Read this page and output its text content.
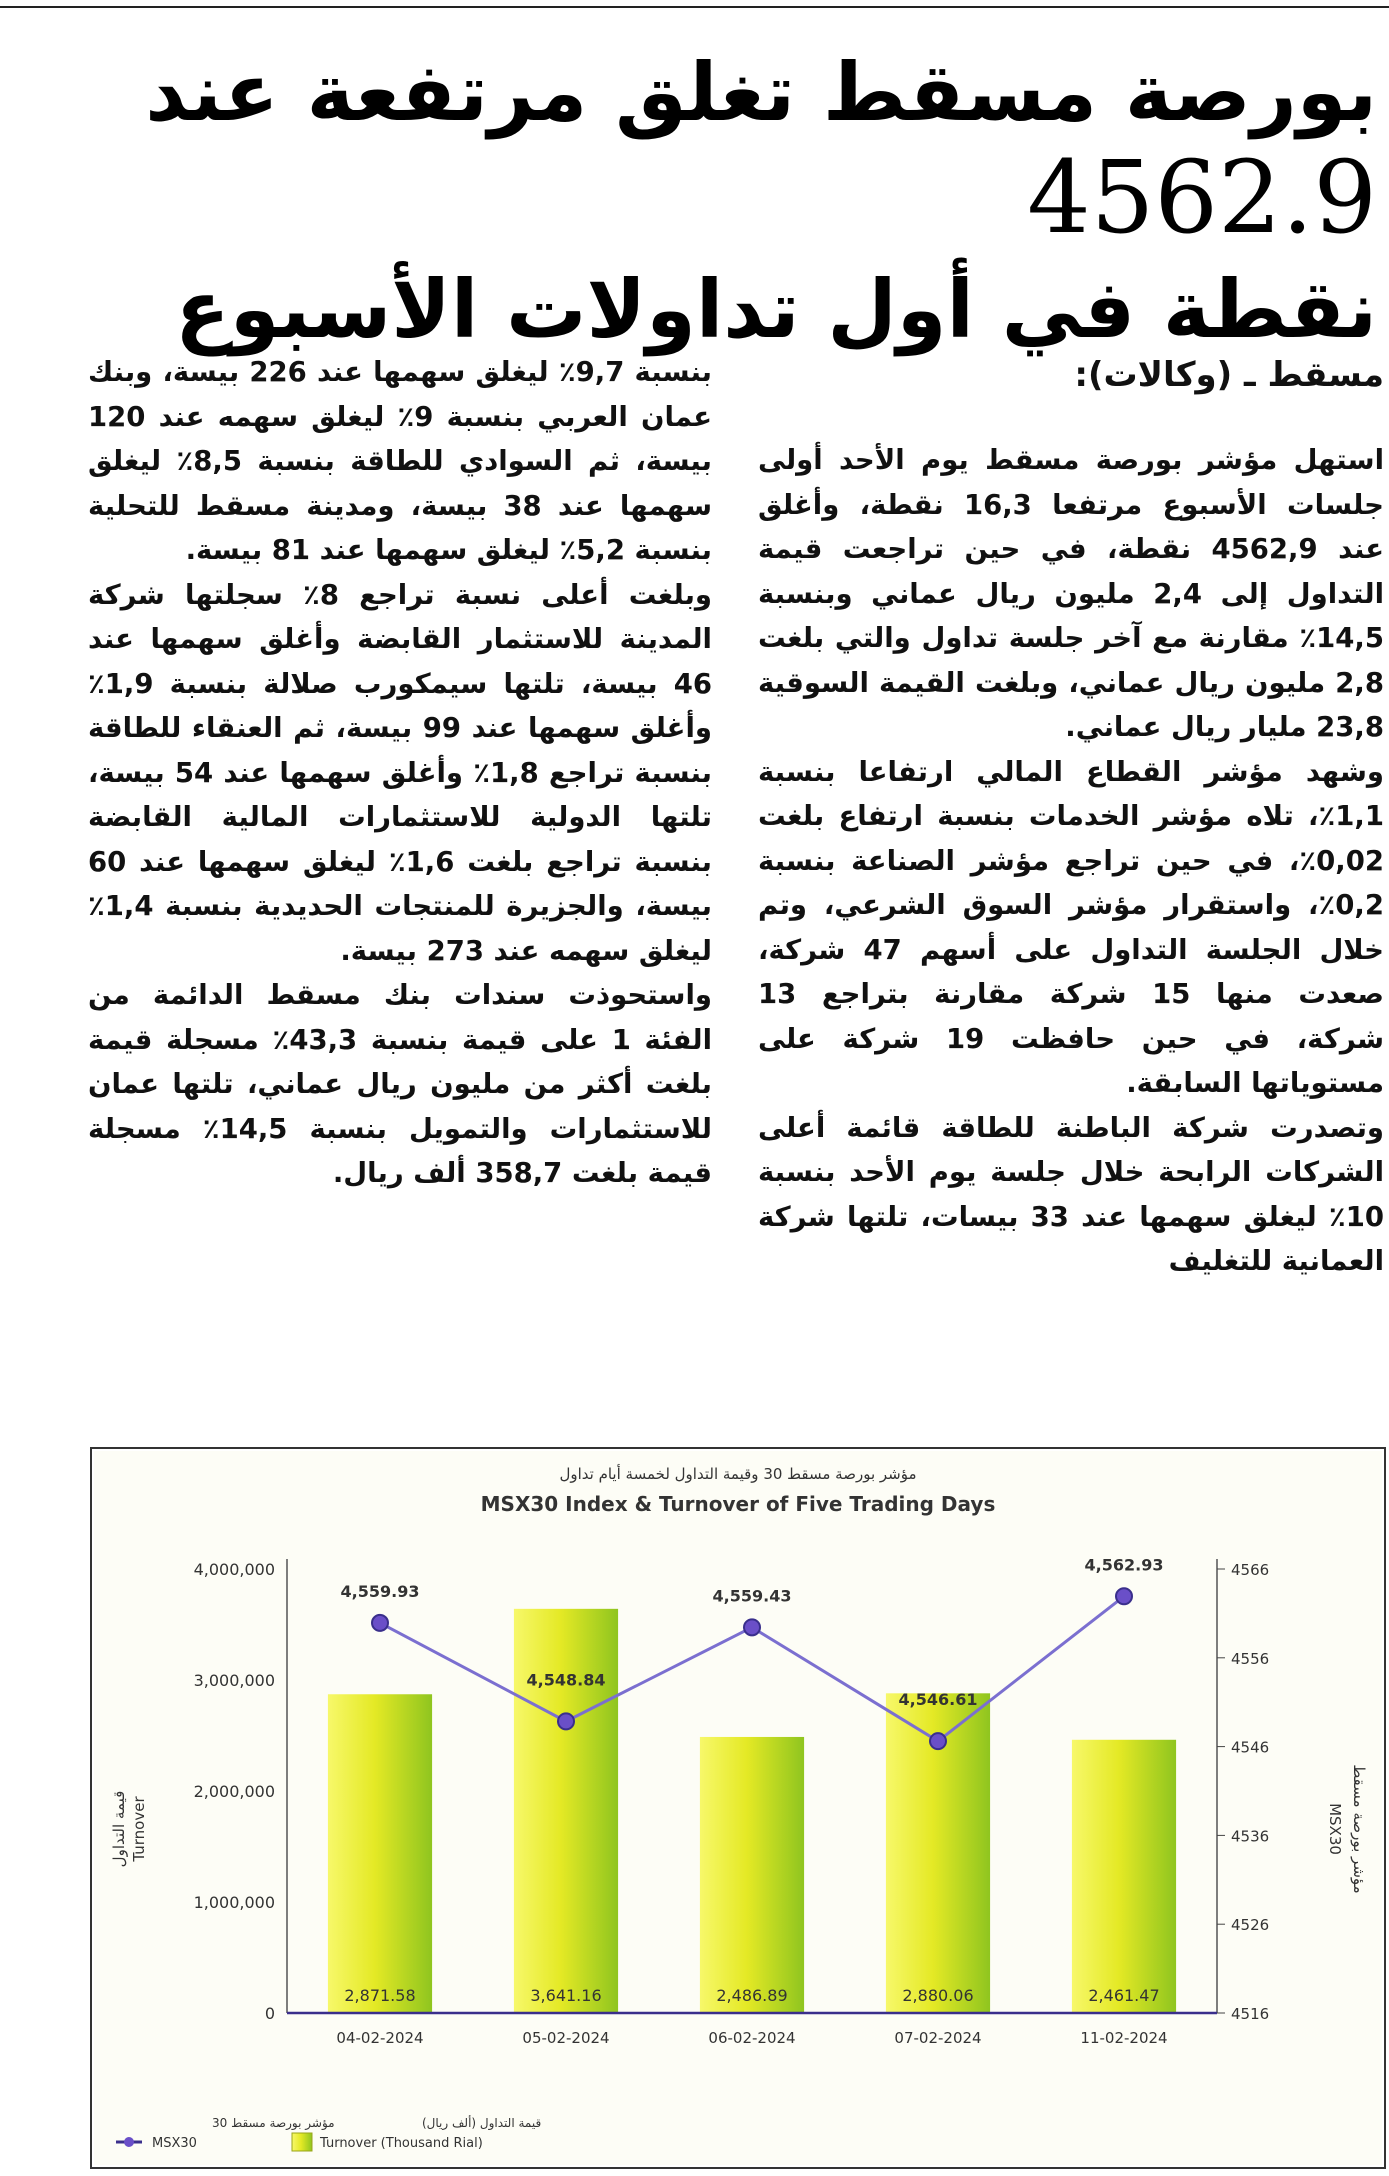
بورصة مسقط تغلق مرتفعة عند 4562.9
نقطة في أول تداولات الأسبوع

مسقط ـ (وكالات):

استهل مؤشر بورصة مسقط يوم الأحد أولى جلسات الأسبوع مرتفعا 16,3 نقطة، وأغلق عند 4562,9 نقطة، في حين تراجعت قيمة التداول إلى 2,4 مليون ريال عماني وبنسبة 14,5٪ مقارنة مع آخر جلسة تداول والتي بلغت 2,8 مليون ريال عماني، وبلغت القيمة السوقية 23,8 مليار ريال عماني.

وشهد مؤشر القطاع المالي ارتفاعا بنسبة 1,1٪، تلاه مؤشر الخدمات بنسبة ارتفاع بلغت 0,02٪، في حين تراجع مؤشر الصناعة بنسبة 0,2٪، واستقرار مؤشر السوق الشرعي، وتم خلال الجلسة التداول على أسهم 47 شركة، صعدت منها 15 شركة مقارنة بتراجع 13 شركة، في حين حافظت 19 شركة على مستوياتها السابقة.

وتصدرت شركة الباطنة للطاقة قائمة أعلى الشركات الرابحة خلال جلسة يوم الأحد بنسبة 10٪ ليغلق سهمها عند 33 بيسات، تلتها شركة العمانية للتغليف

بنسبة 9,7٪ ليغلق سهمها عند 226 بيسة، وبنك عمان العربي بنسبة 9٪ ليغلق سهمه عند 120 بيسة، ثم السوادي للطاقة بنسبة 8,5٪ ليغلق سهمها عند 38 بيسة، ومدينة مسقط للتحلية بنسبة 5,2٪ ليغلق سهمها عند 81 بيسة.

وبلغت أعلى نسبة تراجع 8٪ سجلتها شركة المدينة للاستثمار القابضة وأغلق سهمها عند 46 بيسة، تلتها سيمكورب صلالة بنسبة 1,9٪ وأغلق سهمها عند 99 بيسة، ثم العنقاء للطاقة بنسبة تراجع 1,8٪ وأغلق سهمها عند 54 بيسة، تلتها الدولية للاستثمارات المالية القابضة بنسبة تراجع بلغت 1,6٪ ليغلق سهمها عند 60 بيسة، والجزيرة للمنتجات الحديدية بنسبة 1,4٪ ليغلق سهمه عند 273 بيسة.

واستحوذت سندات بنك مسقط الدائمة من الفئة 1 على قيمة بنسبة 43,3٪ مسجلة قيمة بلغت أكثر من مليون ريال عماني، تلتها عمان للاستثمارات والتمويل بنسبة 14,5٪ مسجلة قيمة بلغت 358,7 ألف ريال.

مؤشر بورصة مسقط 30 وقيمة التداول لخمسة أيام تداول
MSX30 Index & Turnover of Five Trading Days
0
1,000,000
2,000,000
3,000,000
4,000,000
4516
4526
4536
4546
4556
4566
2,871.58
04-02-2024
3,641.16
05-02-2024
2,486.89
06-02-2024
2,880.06
07-02-2024
2,461.47
11-02-2024
4,559.93
4,548.84
4,559.43
4,546.61
4,562.93
Turnover
قيمة التداول	MSX30 مؤشر بورصة مسقط
مؤشر بورصة مسقط 30
MSX30
قيمة التداول (ألف ريال)
Turnover (Thousand Rial)
